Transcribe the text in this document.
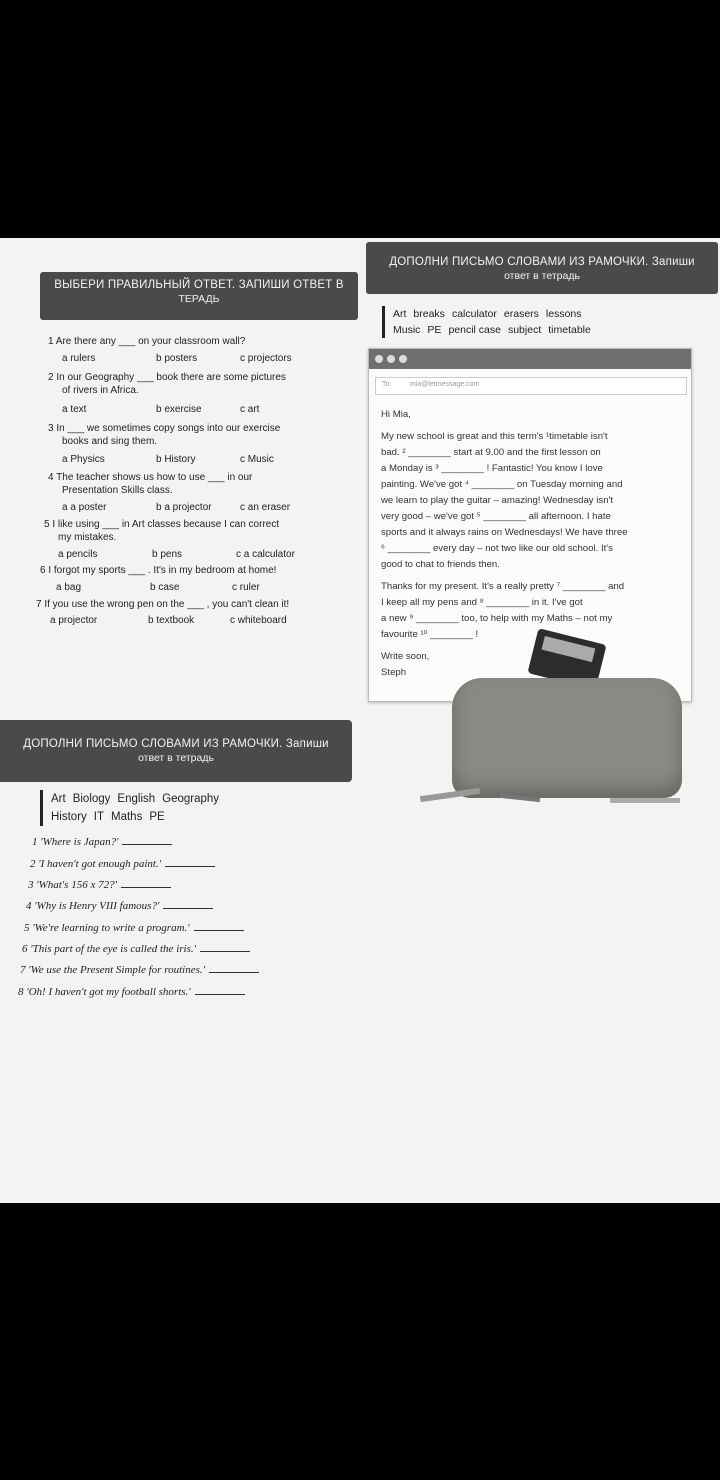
ВЫБЕРИ ПРАВИЛЬНЫЙ ОТВЕТ. ЗАПИШИ ОТВЕТ В
ТЕРАДЬ
ДОПОЛНИ ПИСЬМО СЛОВАМИ ИЗ РАМОЧКИ. Запиши
ответ в тетрадь
Art breaks calculator erasers lessons
Music PE pencil case subject timetable
1 Are there any ___ on your classroom wall?
a rulers	b posters	c projectors
2 In our Geography ___ book there are some pictures
of rivers in Africa.
a text	b exercise	c art
3 In ___ we sometimes copy songs into our exercise
books and sing them.
a Physics	b History	c Music
4 The teacher shows us how to use ___ in our
Presentation Skills class.
a a poster	b a projector	c an eraser
5 I like using ___ in Art classes because I can correct
my mistakes.
a pencils	b pens	c a calculator
6 I forgot my sports ___ . It's in my bedroom at home!
a bag	b case	c ruler
7 If you use the wrong pen on the ___ , you can't clean it!
a projector	b textbook	c whiteboard
To:	mia@letmessage.com
Hi Mia,
My new school is great and this term's ¹timetable isn't
bad. ² ________ start at 9.00 and the first lesson on
a Monday is ³ ________ ! Fantastic! You know I love
painting. We've got ⁴ ________ on Tuesday morning and
we learn to play the guitar – amazing! Wednesday isn't
very good – we've got ⁵ ________ all afternoon. I hate
sports and it always rains on Wednesdays! We have three
⁶ ________ every day – not two like our old school. It's
good to chat to friends then.
Thanks for my present. It's a really pretty ⁷ ________ and
I keep all my pens and ⁸ ________ in it. I've got
a new ⁹ ________ too, to help with my Maths – not my
favourite ¹⁰ ________ !
Write soon,
Steph
ДОПОЛНИ ПИСЬМО СЛОВАМИ ИЗ РАМОЧКИ. Запиши
ответ в тетрадь
Art Biology English Geography
History IT Maths PE
1 'Where is Japan?'
2 'I haven't got enough paint.'
3 'What's 156 x 72?'
4 'Why is Henry VIII famous?'
5 'We're learning to write a program.'
6 'This part of the eye is called the iris.'
7 'We use the Present Simple for routines.'
8 'Oh! I haven't got my football shorts.'
